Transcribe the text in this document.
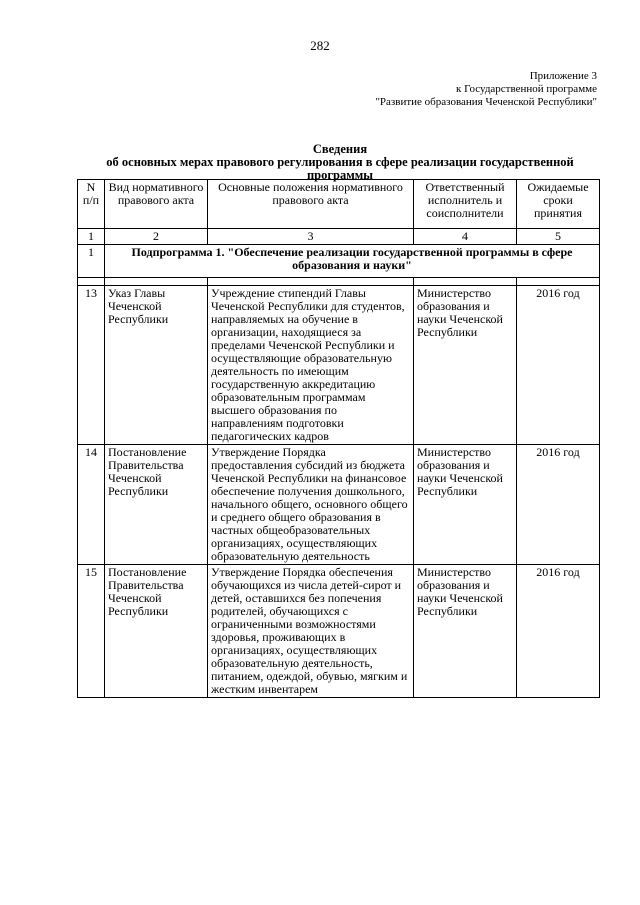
282
Приложение 3
к Государственной программе
"Развитие образования Чеченской Республики"
Сведения
об основных мерах правового регулирования в сфере реализации государственной
программы
N п/п	Вид нормативного правового акта	Основные положения нормативного правового акта	Ответственный исполнитель и соисполнители	Ожидаемые сроки принятия
1	2	3	4	5
1	Подпрограмма 1. "Обеспечение реализации государственной программы в сфере образования и науки"			

13	Указ Главы Чеченской Республики	Учреждение стипендий Главы Чеченской Республики для студентов, направляемых на обучение в организации, находящиеся за пределами Чеченской Республики и осуществляющие образовательную деятельность по имеющим государственную аккредитацию образовательным программам высшего образования по направлениям подготовки педагогических кадров	Министерство образования и науки Чеченской Республики	2016 год
14	Постановление Правительства Чеченской Республики	Утверждение Порядка предоставления субсидий из бюджета Чеченской Республики на финансовое обеспечение получения дошкольного, начального общего, основного общего и среднего общего образования в частных общеобразовательных организациях, осуществляющих образовательную деятельность	Министерство образования и науки Чеченской Республики	2016 год
15	Постановление Правительства Чеченской Республики	Утверждение Порядка обеспечения обучающихся из числа детей-сирот и детей, оставшихся без попечения родителей, обучающихся с ограниченными возможностями здоровья, проживающих в организациях, осуществляющих образовательную деятельность, питанием, одеждой, обувью, мягким и жестким инвентарем	Министерство образования и науки Чеченской Республики	2016 год
